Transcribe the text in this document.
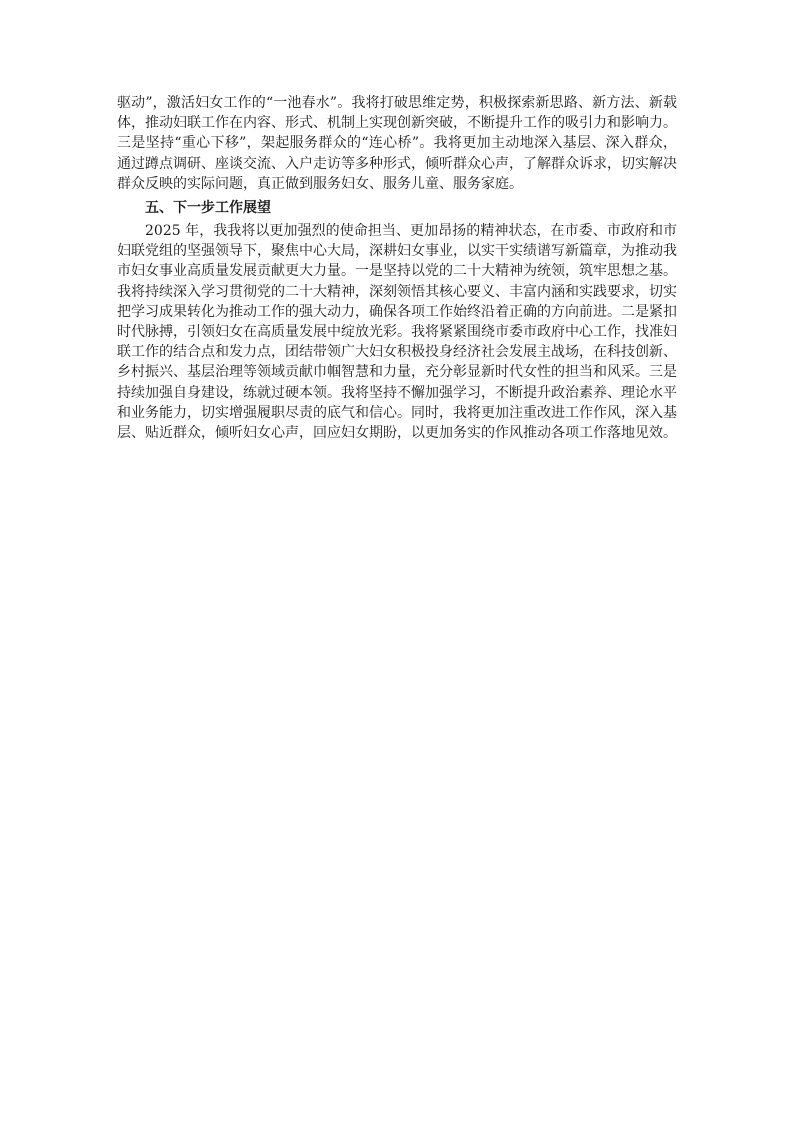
驱动”，激活妇女工作的“一池春水”。我将打破思维定势，积极探索新思路、新方法、新载体，推动妇联工作在内容、形式、机制上实现创新突破，不断提升工作的吸引力和影响力。三是坚持“重心下移”，架起服务群众的“连心桥”。我将更加主动地深入基层、深入群众，通过蹲点调研、座谈交流、入户走访等多种形式，倾听群众心声，了解群众诉求，切实解决群众反映的实际问题，真正做到服务妇女、服务儿童、服务家庭。

五、下一步工作展望

2025 年，我我将以更加强烈的使命担当、更加昂扬的精神状态，在市委、市政府和市妇联党组的坚强领导下，聚焦中心大局，深耕妇女事业，以实干实绩谱写新篇章，为推动我市妇女事业高质量发展贡献更大力量。一是坚持以党的二十大精神为统领，筑牢思想之基。我将持续深入学习贯彻党的二十大精神，深刻领悟其核心要义、丰富内涵和实践要求，切实把学习成果转化为推动工作的强大动力，确保各项工作始终沿着正确的方向前进。二是紧扣时代脉搏，引领妇女在高质量发展中绽放光彩。我将紧紧围绕市委市政府中心工作，找准妇联工作的结合点和发力点，团结带领广大妇女积极投身经济社会发展主战场，在科技创新、乡村振兴、基层治理等领域贡献巾帼智慧和力量，充分彰显新时代女性的担当和风采。三是持续加强自身建设，练就过硬本领。我将坚持不懈加强学习，不断提升政治素养、理论水平和业务能力，切实增强履职尽责的底气和信心。同时，我将更加注重改进工作作风，深入基层、贴近群众，倾听妇女心声，回应妇女期盼，以更加务实的作风推动各项工作落地见效。
